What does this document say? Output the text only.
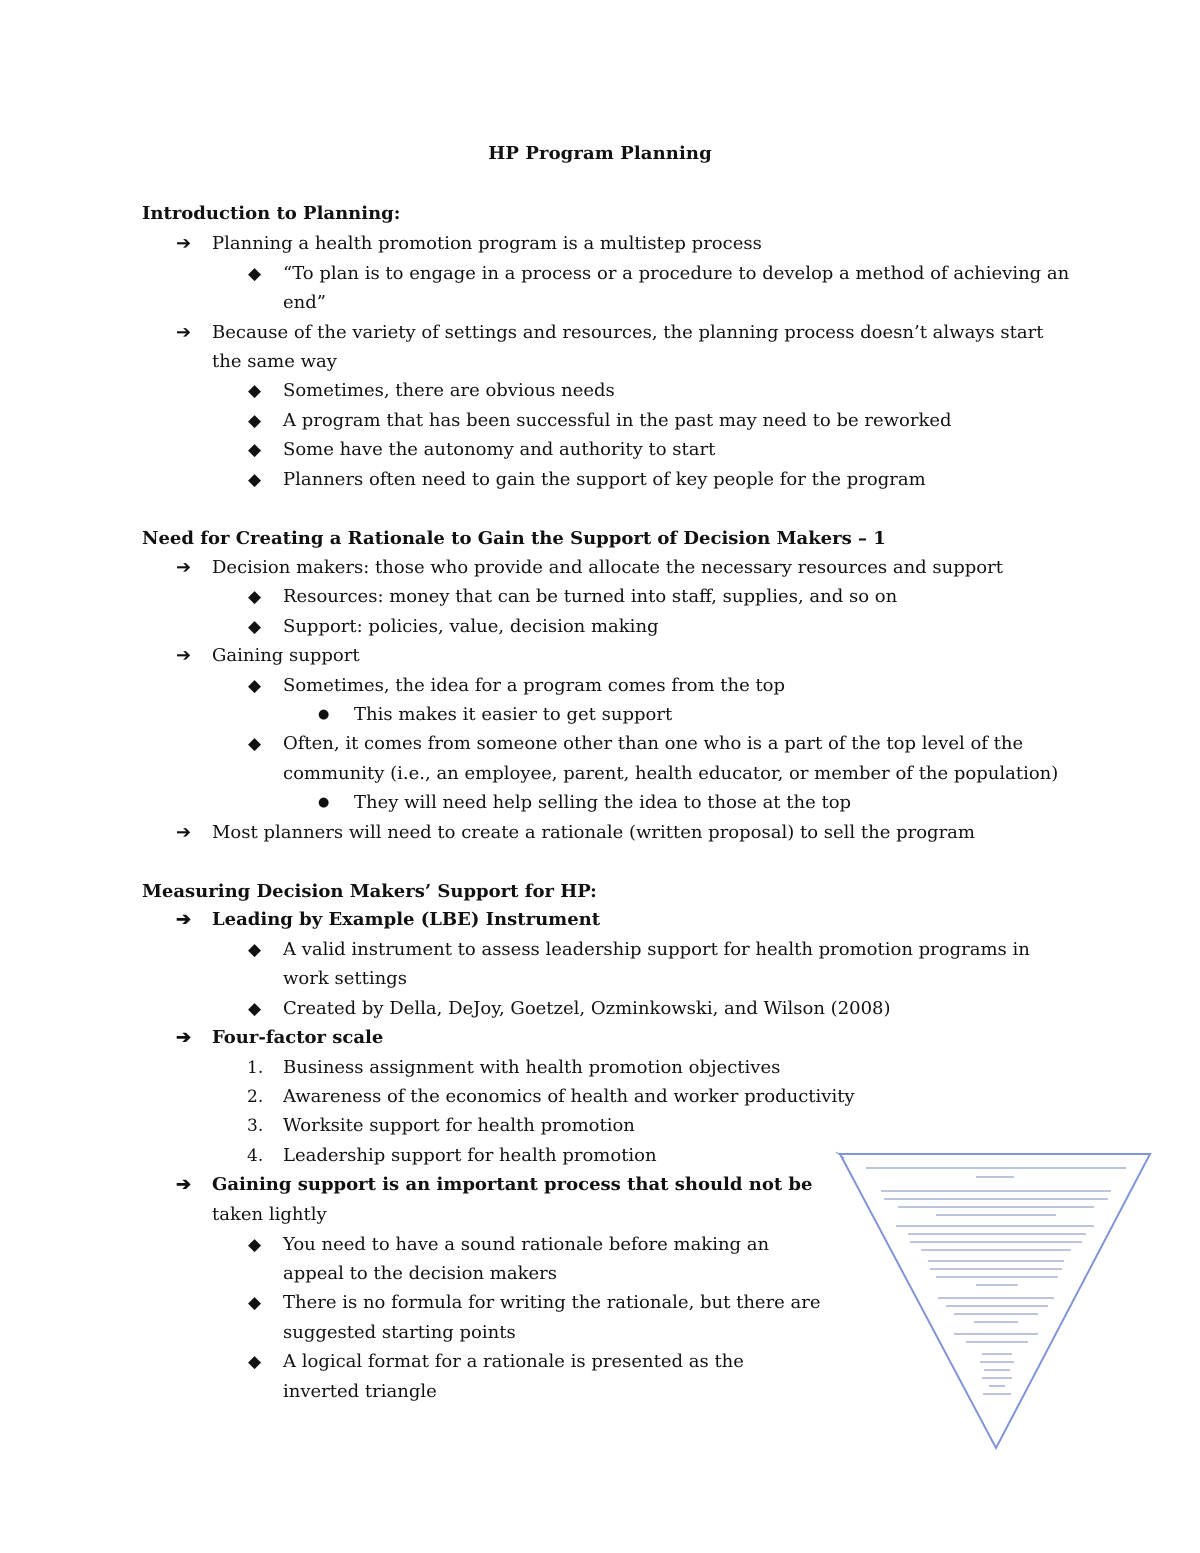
HP Program Planning
Introduction to Planning:
➔ Planning a health promotion program is a multistep process
◆ “To plan is to engage in a process or a procedure to develop a method of achieving an
end”
➔ Because of the variety of settings and resources, the planning process doesn’t always start
the same way
◆ Sometimes, there are obvious needs
◆ A program that has been successful in the past may need to be reworked
◆ Some have the autonomy and authority to start
◆ Planners often need to gain the support of key people for the program
Need for Creating a Rationale to Gain the Support of Decision Makers – 1
➔ Decision makers: those who provide and allocate the necessary resources and support
◆ Resources: money that can be turned into staff, supplies, and so on
◆ Support: policies, value, decision making
➔ Gaining support
◆ Sometimes, the idea for a program comes from the top
● This makes it easier to get support
◆ Often, it comes from someone other than one who is a part of the top level of the
community (i.e., an employee, parent, health educator, or member of the population)
● They will need help selling the idea to those at the top
➔ Most planners will need to create a rationale (written proposal) to sell the program
Measuring Decision Makers’ Support for HP:
➔ Leading by Example (LBE) Instrument
◆ A valid instrument to assess leadership support for health promotion programs in
work settings
◆ Created by Della, DeJoy, Goetzel, Ozminkowski, and Wilson (2008)
➔ Four-factor scale
1. Business assignment with health promotion objectives
2. Awareness of the economics of health and worker productivity
3. Worksite support for health promotion
4. Leadership support for health promotion
➔ Gaining support is an important process that should not be
taken lightly
◆ You need to have a sound rationale before making an
appeal to the decision makers
◆ There is no formula for writing the rationale, but there are
suggested starting points
◆ A logical format for a rationale is presented as the
inverted triangle
